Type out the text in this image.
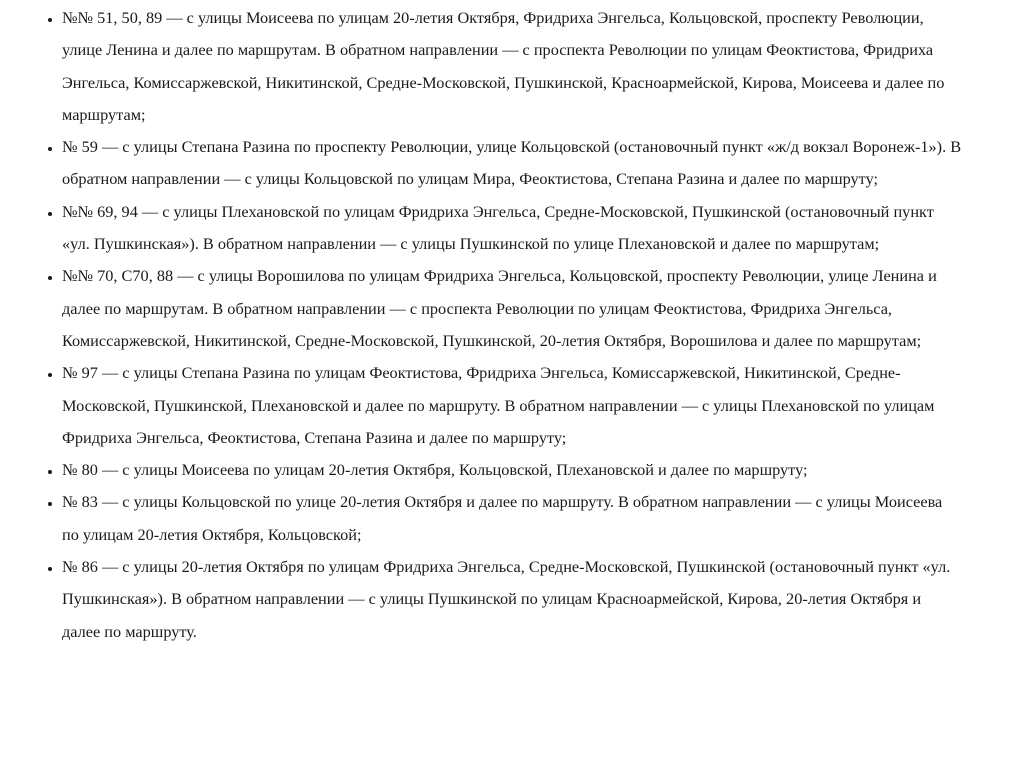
• №№ 51, 50, 89 — с улицы Моисеева по улицам 20-летия Октября, Фридриха Энгельса, Кольцовской, проспекту Революции, улице Ленина и далее по маршрутам. В обратном направлении — с проспекта Революции по улицам Феоктистова, Фридриха Энгельса, Комиссаржевской, Никитинской, Средне-Московской, Пушкинской, Красноармейской, Кирова, Моисеева и далее по маршрутам;
• № 59 — с улицы Степана Разина по проспекту Революции, улице Кольцовской (остановочный пункт «ж/д вокзал Воронеж-1»). В обратном направлении — с улицы Кольцовской по улицам Мира, Феоктистова, Степана Разина и далее по маршруту;
• №№ 69, 94 — с улицы Плехановской по улицам Фридриха Энгельса, Средне-Московской, Пушкинской (остановочный пункт «ул. Пушкинская»). В обратном направлении — с улицы Пушкинской по улице Плехановской и далее по маршрутам;
• №№ 70, С70, 88 — с улицы Ворошилова по улицам Фридриха Энгельса, Кольцовской, проспекту Революции, улице Ленина и далее по маршрутам. В обратном направлении — с проспекта Революции по улицам Феоктистова, Фридриха Энгельса, Комиссаржевской, Никитинской, Средне-Московской, Пушкинской, 20-летия Октября, Ворошилова и далее по маршрутам;
• № 97 — с улицы Степана Разина по улицам Феоктистова, Фридриха Энгельса, Комиссаржевской, Никитинской, Средне-Московской, Пушкинской, Плехановской и далее по маршруту. В обратном направлении — с улицы Плехановской по улицам Фридриха Энгельса, Феоктистова, Степана Разина и далее по маршруту;
• № 80 — с улицы Моисеева по улицам 20-летия Октября, Кольцовской, Плехановской и далее по маршруту;
• № 83 — с улицы Кольцовской по улице 20-летия Октября и далее по маршруту. В обратном направлении — с улицы Моисеева по улицам 20-летия Октября, Кольцовской;
• № 86 — с улицы 20-летия Октября по улицам Фридриха Энгельса, Средне-Московской, Пушкинской (остановочный пункт «ул. Пушкинская»). В обратном направлении — с улицы Пушкинской по улицам Красноармейской, Кирова, 20-летия Октября и далее по маршруту.
